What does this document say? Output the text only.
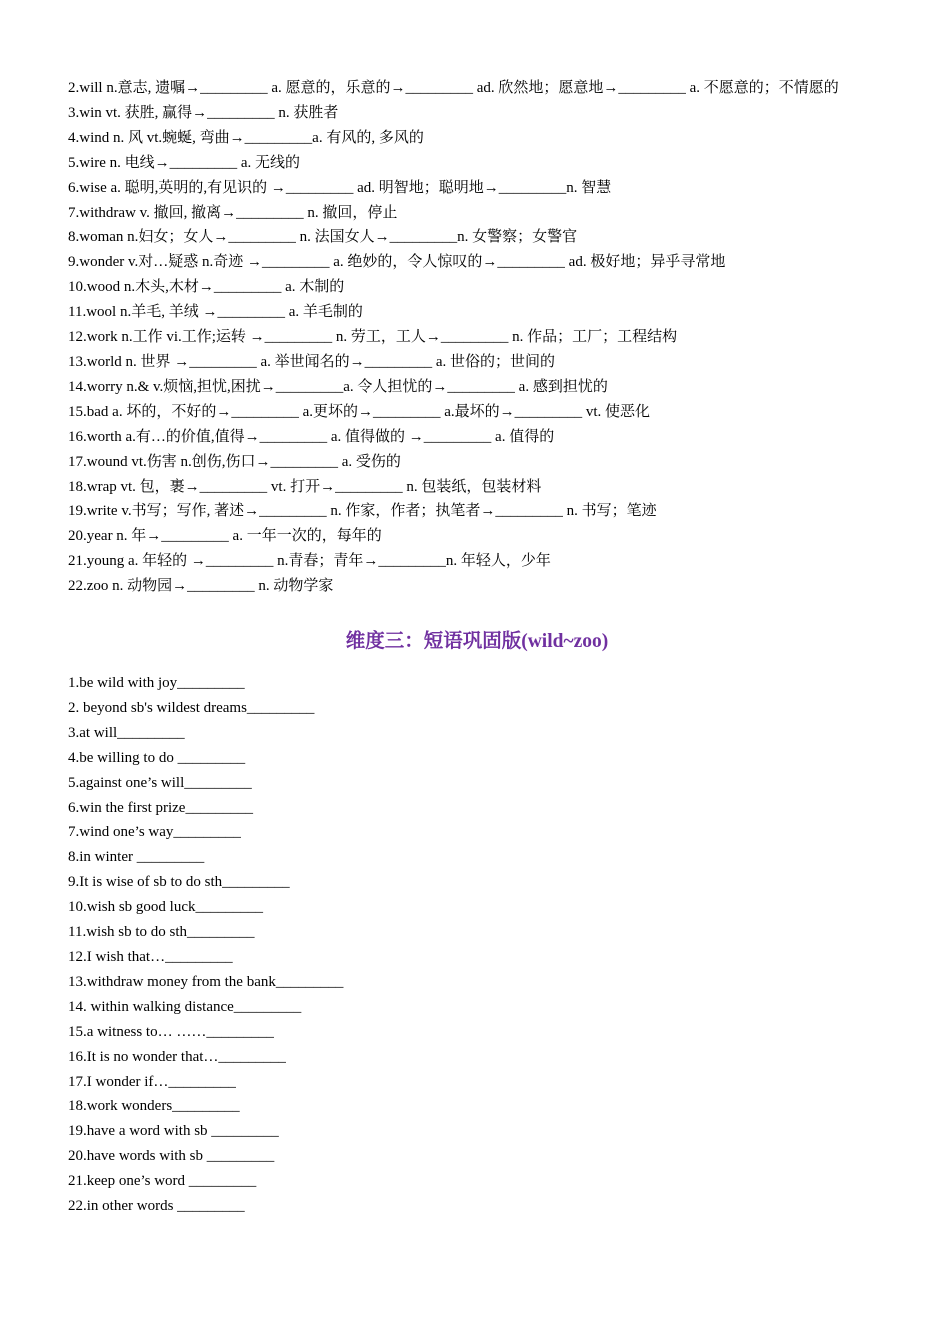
2.will n.意志, 遗嘱→_________ a. 愿意的，乐意的→_________ ad. 欣然地；愿意地→_________ a. 不愿意的；不情愿的
3.win vt. 获胜, 赢得→_________ n. 获胜者
4.wind n. 风 vt.蜿蜒, 弯曲→_________a. 有风的, 多风的
5.wire n. 电线→_________ a. 无线的
6.wise a. 聪明,英明的,有见识的 →_________ ad. 明智地；聪明地→_________n. 智慧
7.withdraw v. 撤回, 撤离→_________ n. 撤回，停止
8.woman n.妇女；女人→_________ n. 法国女人→_________n. 女警察；女警官
9.wonder v.对…疑惑 n.奇迹 →_________ a. 绝妙的，令人惊叹的→_________ ad. 极好地；异乎寻常地
10.wood n.木头,木材→_________ a. 木制的
11.wool n.羊毛, 羊绒 →_________ a. 羊毛制的
12.work n.工作 vi.工作;运转 →_________ n. 劳工，工人→_________ n. 作品；工厂；工程结构
13.world n. 世界 →_________ a. 举世闻名的→_________ a. 世俗的；世间的
14.worry n.& v.烦恼,担忧,困扰→_________a. 令人担忧的→_________ a. 感到担忧的
15.bad a. 坏的，不好的→_________ a.更坏的→_________ a.最坏的→_________ vt. 使恶化
16.worth a.有…的价值,值得→_________ a. 值得做的 →_________ a. 值得的
17.wound vt.伤害 n.创伤,伤口→_________ a. 受伤的
18.wrap vt. 包，裹→_________ vt. 打开→_________ n. 包装纸，包装材料
19.write v.书写；写作, 著述→_________ n. 作家，作者；执笔者→_________ n. 书写；笔迹
20.year n. 年→_________ a. 一年一次的，每年的
21.young a. 年轻的 →_________ n.青春；青年→_________n. 年轻人，少年
22.zoo n. 动物园→_________ n. 动物学家
维度三：短语巩固版(wild~zoo)
1.be wild with joy_________
2. beyond sb's wildest dreams_________
3.at will_________
4.be willing to do _________
5.against one’s will_________
6.win the first prize_________
7.wind one’s way_________
8.in winter _________
9.It is wise of sb to do sth_________
10.wish sb good luck_________
11.wish sb to do sth_________
12.I wish that…_________
13.withdraw money from the bank_________
14. within walking distance_________
15.a witness to… ……_________
16.It is no wonder that…_________
17.I wonder if…_________
18.work wonders_________
19.have a word with sb _________
20.have words with sb _________
21.keep one’s word _________
22.in other words _________
